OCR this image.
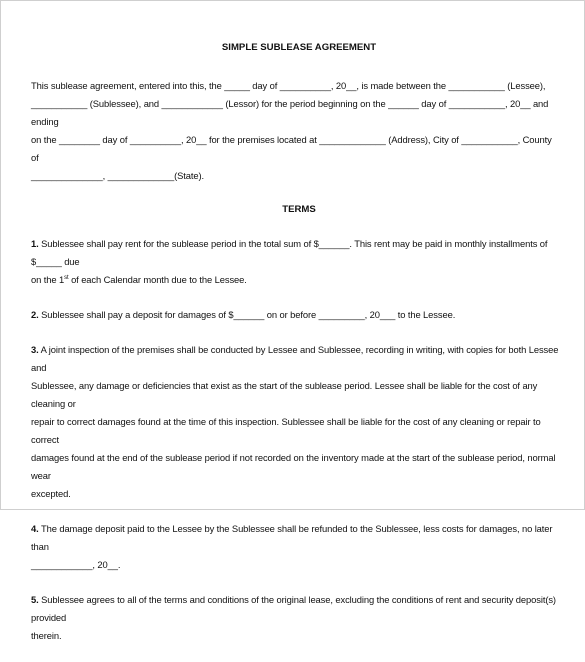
SIMPLE SUBLEASE AGREEMENT
This sublease agreement, entered into this, the _____ day of __________, 20__, is made between the ___________ (Lessee),
___________ (Sublessee), and ____________ (Lessor) for the period beginning on the ______ day of ___________, 20__ and ending
on the ________ day of __________, 20__ for the premises located at _____________ (Address), City of ___________, County of
______________, _____________(State).
TERMS
1. Sublessee shall pay rent for the sublease period in the total sum of $______. This rent may be paid in monthly installments of $_____ due
on the 1st of each Calendar month due to the Lessee.
2. Sublessee shall pay a deposit for damages of $______ on or before _________, 20___ to the Lessee.
3. A joint inspection of the premises shall be conducted by Lessee and Sublessee, recording in writing, with copies for both Lessee and
Sublessee, any damage or deficiencies that exist as the start of the sublease period. Lessee shall be liable for the cost of any cleaning or
repair to correct damages found at the time of this inspection. Sublessee shall be liable for the cost of any cleaning or repair to correct
damages found at the end of the sublease period if not recorded on the inventory made at the start of the sublease period, normal wear
excepted.
4. The damage deposit paid to the Lessee by the Sublessee shall be refunded to the Sublessee, less costs for damages, no later than
____________, 20__.
5. Sublessee agrees to all of the terms and conditions of the original lease, excluding the conditions of rent and security deposit(s) provided
therein.
